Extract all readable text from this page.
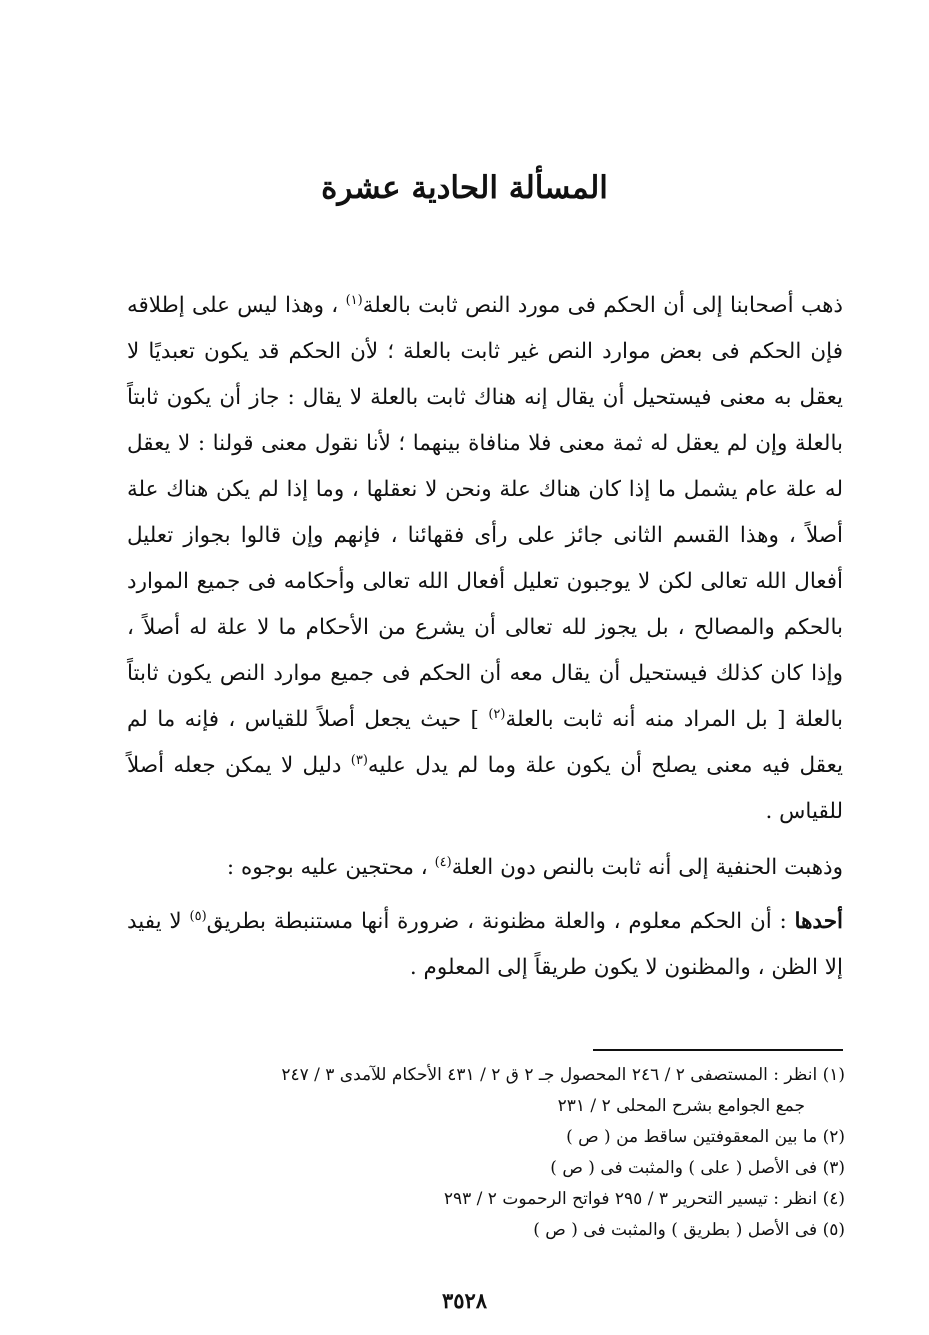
المسألة الحادية عشرة

ذهب أصحابنا إلى أن الحكم فى مورد النص ثابت بالعلة$^{(١)}$ ، وهذا ليس على إطلاقه فإن الحكم فى بعض موارد النص غير ثابت بالعلة ؛ لأن الحكم قد يكون تعبديًا لا يعقل به معنى فيستحيل أن يقال إنه هناك ثابت بالعلة لا يقال : جاز أن يكون ثابتاً بالعلة وإن لم يعقل له ثمة معنى فلا منافاة بينهما ؛ لأنا نقول معنى قولنا : لا يعقل له علة عام يشمل ما إذا كان هناك علة ونحن لا نعقلها ، وما إذا لم يكن هناك علة أصلاً ، وهذا القسم الثانى جائز على رأى فقهائنا ، فإنهم وإن قالوا بجواز تعليل أفعال الله تعالى لكن لا يوجبون تعليل أفعال الله تعالى وأحكامه فى جميع الموارد بالحكم والمصالح ، بل يجوز لله تعالى أن يشرع من الأحكام ما لا علة له أصلاً ، وإذا كان كذلك فيستحيل أن يقال معه أن الحكم فى جميع موارد النص يكون ثابتاً بالعلة [ بل المراد منه أنه ثابت بالعلة$^{(٢)}$ ] حيث يجعل أصلاً للقياس ، فإنه ما لم يعقل فيه معنى يصلح أن يكون علة وما لم يدل عليه$^{(٣)}$ دليل لا يمكن جعله أصلاً للقياس .

وذهبت الحنفية إلى أنه ثابت بالنص دون العلة$^{(٤)}$ ، محتجين عليه بوجوه :

أحدها : أن الحكم معلوم ، والعلة مظنونة ، ضرورة أنها مستنبطة بطريق$^{(٥)}$ لا يفيد إلا الظن ، والمظنون لا يكون طريقاً إلى المعلوم .

(١) انظر : المستصفى ٢ / ٢٤٦ المحصول جـ ٢ ق ٢ / ٤٣١ الأحكام للآمدى ٣ / ٢٤٧
جمع الجوامع بشرح المحلى ٢ / ٢٣١

(٢) ما بين المعقوفتين ساقط من ( ص )

(٣) فى الأصل ( على ) والمثبت فى ( ص )

(٤) انظر : تيسير التحرير ٣ / ٢٩٥ فواتح الرحموت ٢ / ٢٩٣

(٥) فى الأصل ( بطريق ) والمثبت فى ( ص )

٣٥٢٨
